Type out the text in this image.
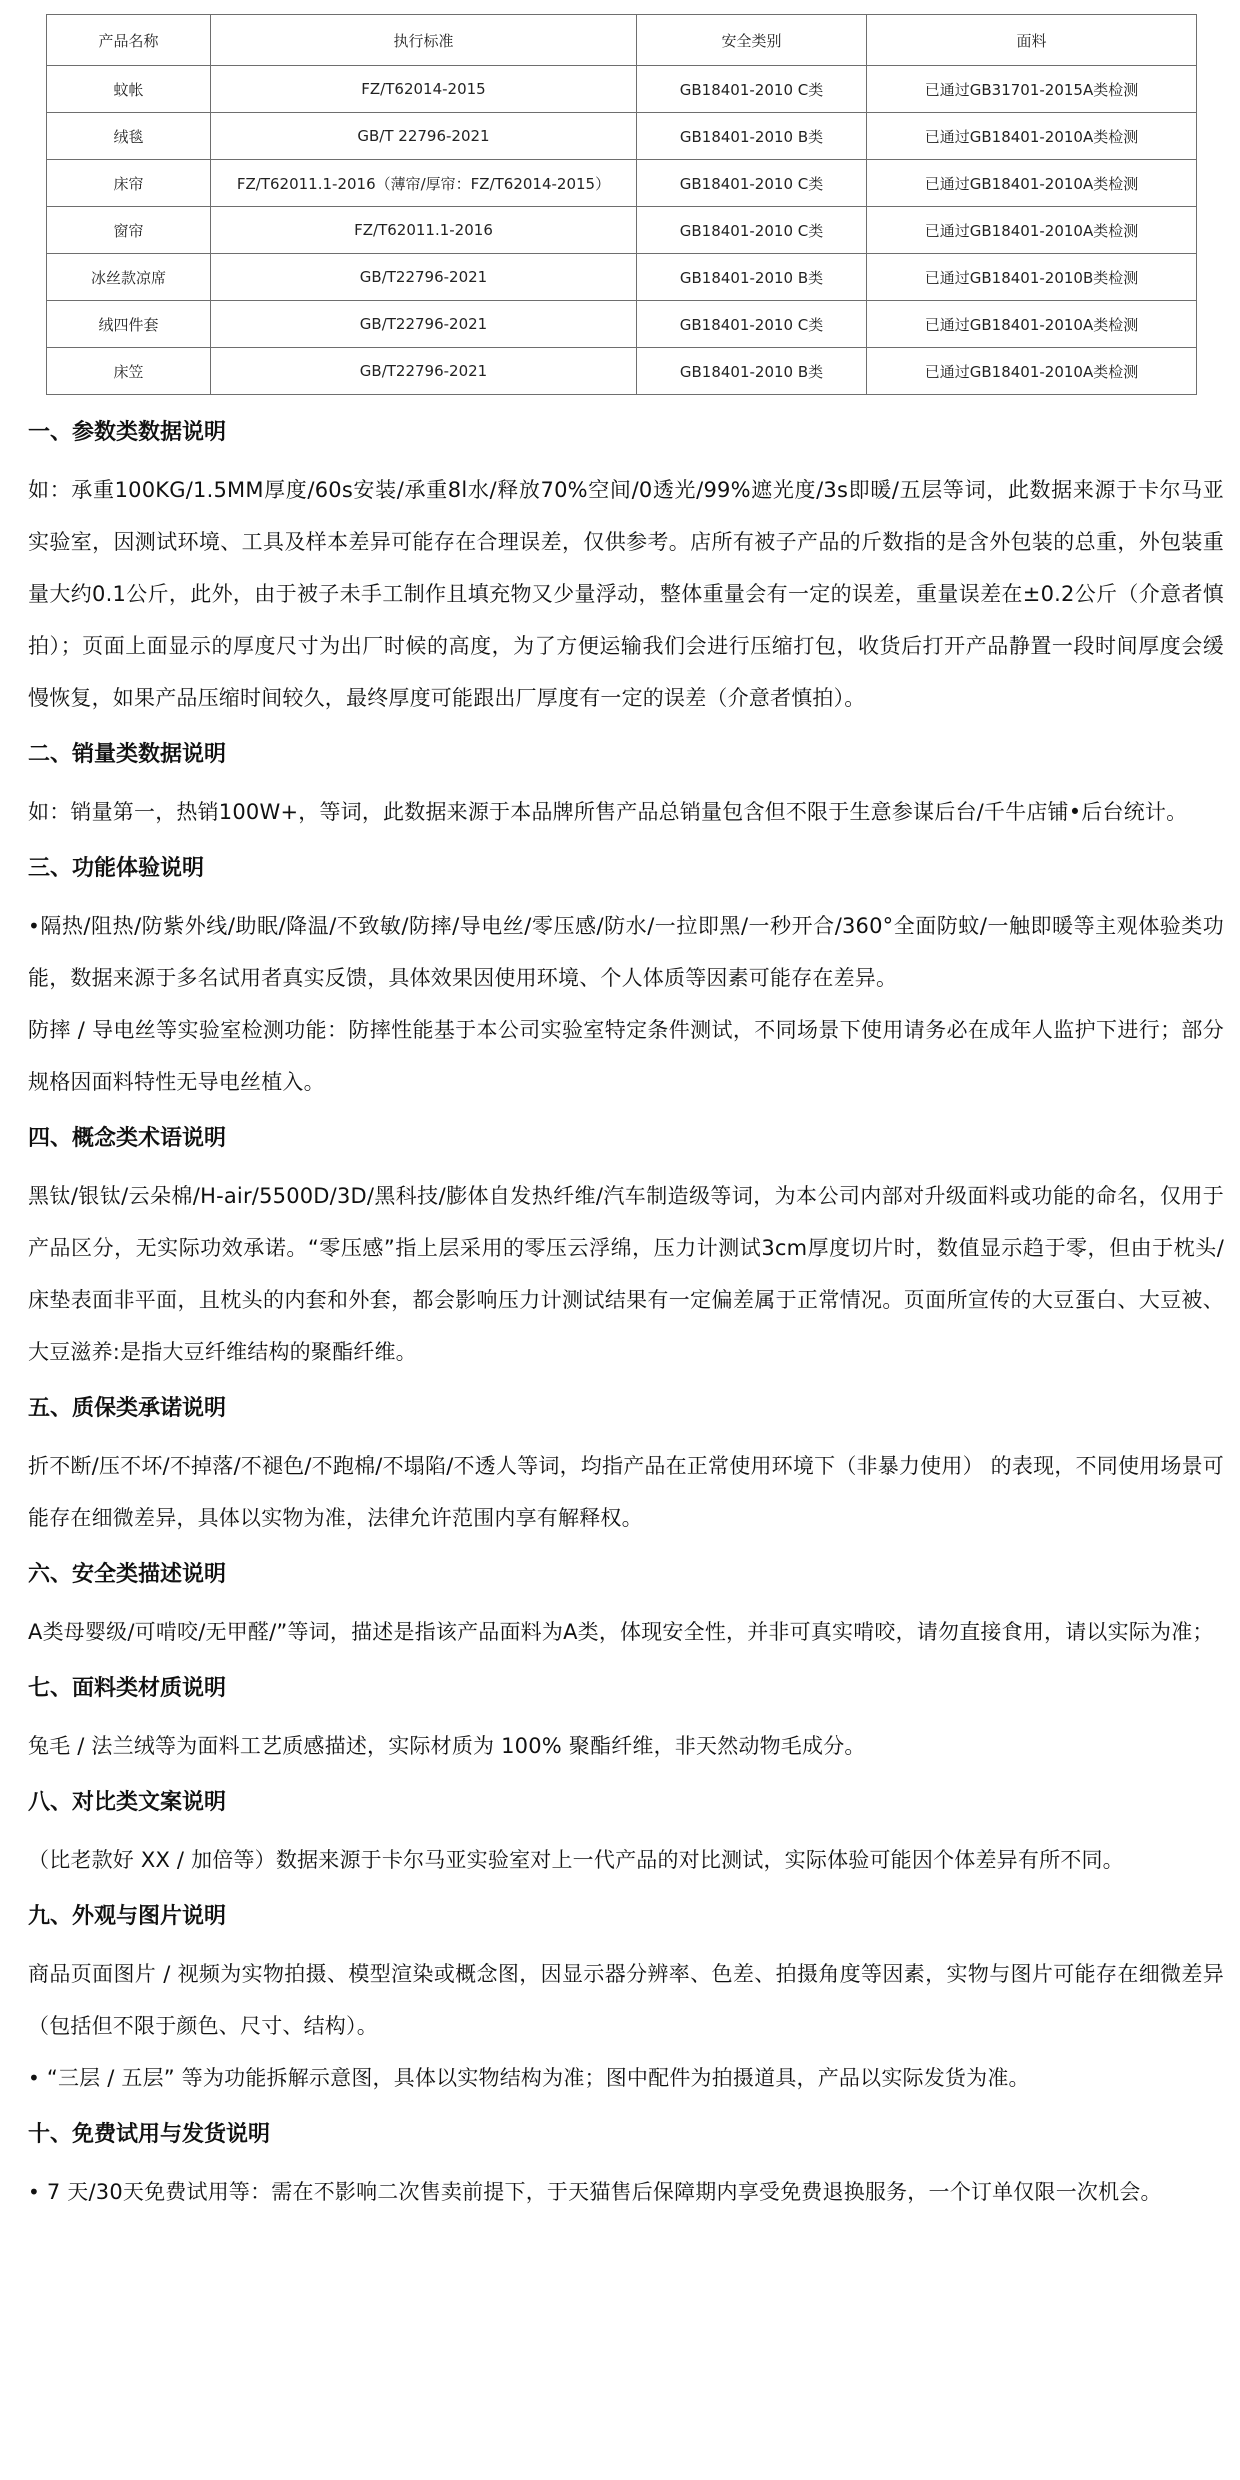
产品名称	执行标准	安全类别	面料
蚊帐	FZ/T62014-2015	GB18401-2010 C类	已通过GB31701-2015A类检测
绒毯	GB/T 22796-2021	GB18401-2010 B类	已通过GB18401-2010A类检测
床帘	FZ/T62011.1-2016（薄帘/厚帘：FZ/T62014-2015）	GB18401-2010 C类	已通过GB18401-2010A类检测
窗帘	FZ/T62011.1-2016	GB18401-2010 C类	已通过GB18401-2010A类检测
冰丝款凉席	GB/T22796-2021	GB18401-2010 B类	已通过GB18401-2010B类检测
绒四件套	GB/T22796-2021	GB18401-2010 C类	已通过GB18401-2010A类检测
床笠	GB/T22796-2021	GB18401-2010 B类	已通过GB18401-2010A类检测
一、参数类数据说明
如：承重100KG/1.5MM厚度/60s安装/承重8l水/释放70%空间/0透光/99%遮光度/3s即暖/五层等词，此数据来源于卡尔马亚实验室，因测试环境、工具及样本差异可能存在合理误差，仅供参考。店所有被子产品的斤数指的是含外包装的总重，外包装重量大约0.1公斤，此外，由于被子未手工制作且填充物又少量浮动，整体重量会有一定的误差，重量误差在±0.2公斤（介意者慎拍）；页面上面显示的厚度尺寸为出厂时候的高度，为了方便运输我们会进行压缩打包，收货后打开产品静置一段时间厚度会缓慢恢复，如果产品压缩时间较久，最终厚度可能跟出厂厚度有一定的误差（介意者慎拍）。
二、销量类数据说明
如：销量第一，热销100W+，等词，此数据来源于本品牌所售产品总销量包含但不限于生意参谋后台/千牛店铺•后台统计。
三、功能体验说明
•隔热/阻热/防紫外线/助眠/降温/不致敏/防摔/导电丝/零压感/防水/一拉即黑/一秒开合/360°全面防蚊/一触即暖等主观体验类功能，数据来源于多名试用者真实反馈，具体效果因使用环境、个人体质等因素可能存在差异。
防摔 / 导电丝等实验室检测功能：防摔性能基于本公司实验室特定条件测试，不同场景下使用请务必在成年人监护下进行；部分规格因面料特性无导电丝植入。
四、概念类术语说明
黑钛/银钛/云朵棉/H-air/5500D/3D/黑科技/膨体自发热纤维/汽车制造级等词，为本公司内部对升级面料或功能的命名，仅用于产品区分，无实际功效承诺。“零压感”指上层采用的零压云浮绵，压力计测试3cm厚度切片时，数值显示趋于零，但由于枕头/床垫表面非平面，且枕头的内套和外套，都会影响压力计测试结果有一定偏差属于正常情况。页面所宣传的大豆蛋白、大豆被、大豆滋养:是指大豆纤维结构的聚酯纤维。
五、质保类承诺说明
折不断/压不坏/不掉落/不褪色/不跑棉/不塌陷/不透人等词，均指产品在正常使用环境下（非暴力使用） 的表现，不同使用场景可能存在细微差异，具体以实物为准，法律允许范围内享有解释权。
六、安全类描述说明
A类母婴级/可啃咬/无甲醛/”等词，描述是指该产品面料为A类，体现安全性，并非可真实啃咬，请勿直接食用，请以实际为准；
七、面料类材质说明
兔毛 / 法兰绒等为面料工艺质感描述，实际材质为 100% 聚酯纤维，非天然动物毛成分。
八、对比类文案说明
（比老款好 XX / 加倍等）数据来源于卡尔马亚实验室对上一代产品的对比测试，实际体验可能因个体差异有所不同。
九、外观与图片说明
商品页面图片 / 视频为实物拍摄、模型渲染或概念图，因显示器分辨率、色差、拍摄角度等因素，实物与图片可能存在细微差异（包括但不限于颜色、尺寸、结构）。
• “三层 / 五层” 等为功能拆解示意图，具体以实物结构为准；图中配件为拍摄道具，产品以实际发货为准。
十、免费试用与发货说明
• 7 天/30天免费试用等：需在不影响二次售卖前提下，于天猫售后保障期内享受免费退换服务，一个订单仅限一次机会。
